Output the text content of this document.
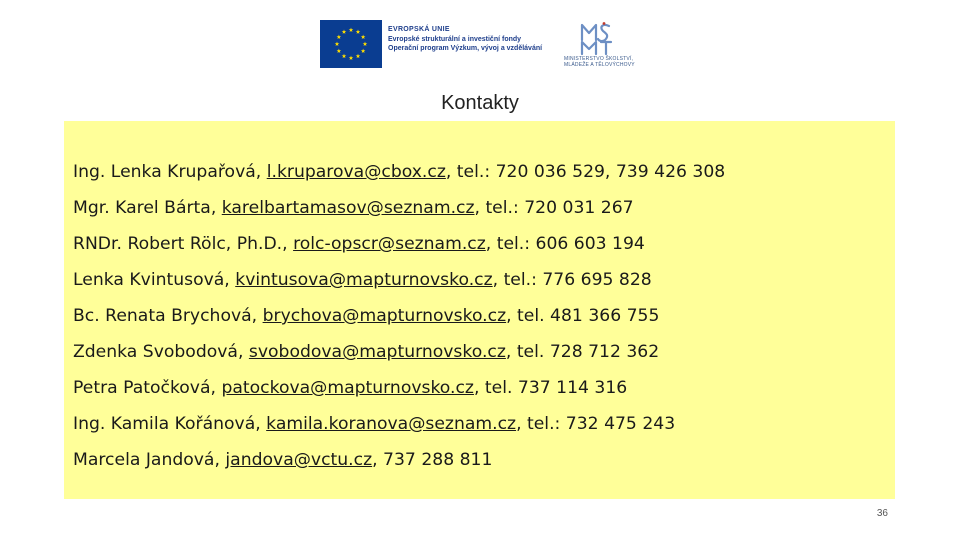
EVROPSKÁ UNIE
Evropské strukturální a investiční fondy
Operační program Výzkum, vývoj a vzdělávání
MINISTERSTVO ŠKOLSTVÍ,
MLÁDEŽE A TĚLOVÝCHOVY
Kontakty
Ing. Lenka Krupařová, l.kruparova@cbox.cz, tel.: 720 036 529, 739 426 308
Mgr. Karel Bárta, karelbartamasov@seznam.cz, tel.: 720 031 267
RNDr. Robert Rölc, Ph.D., rolc-opscr@seznam.cz, tel.: 606 603 194
Lenka Kvintusová, kvintusova@mapturnovsko.cz, tel.: 776 695 828
Bc. Renata Brychová, brychova@mapturnovsko.cz, tel. 481 366 755
Zdenka Svobodová, svobodova@mapturnovsko.cz, tel. 728 712 362
Petra Patočková, patockova@mapturnovsko.cz, tel. 737 114 316
Ing. Kamila Kořánová, kamila.koranova@seznam.cz, tel.: 732 475 243
Marcela Jandová, jandova@vctu.cz, 737 288 811
36
